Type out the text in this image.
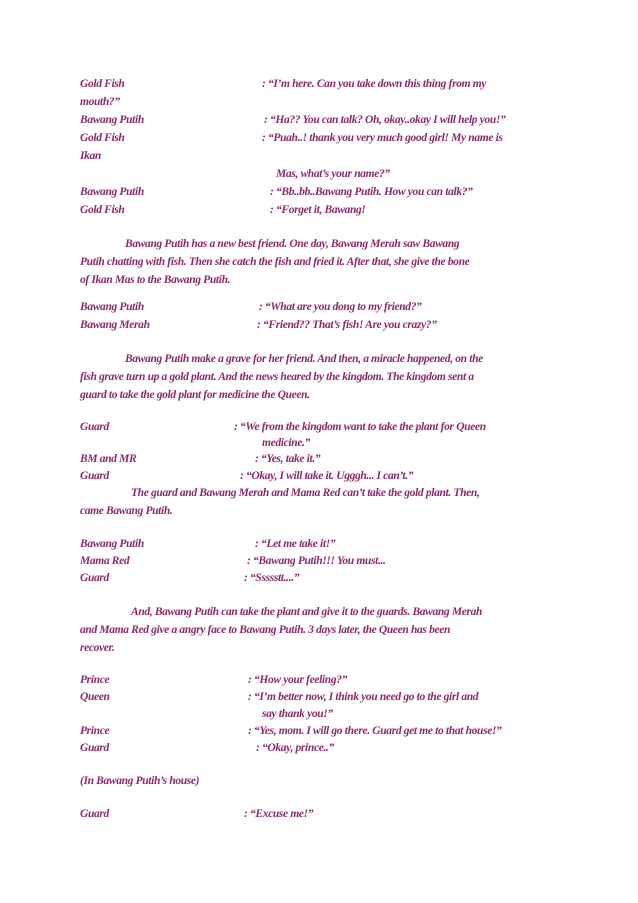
Gold Fish	: “I’m here. Can you take down this thing from my
mouth?”
Bawang Putih	: “Ha?? You can talk? Oh, okay..okay I will help you!”
Gold Fish	: “Puah..! thank you very much good girl! My name is
Ikan
Mas, what’s your name?”
Bawang Putih	: “Bb..bb..Bawang Putih. How you can talk?”
Gold Fish	: “Forget it, Bawang!
Bawang Putih has a new best friend. One day, Bawang Merah saw Bawang
Putih chatting with fish. Then she catch the fish and fried it. After that, she give the bone
of Ikan Mas to the Bawang Putih.
Bawang Putih	: “What are you dong to my friend?”
Bawang Merah	: “Friend?? That’s fish! Are you crazy?”
Bawang Putih make a grave for her friend. And then, a miracle happened, on the
fish grave turn up a gold plant. And the news heared by the kingdom. The kingdom sent a
guard to take the gold plant for medicine the Queen.
Guard	: “We from the kingdom want to take the plant for Queen
medicine.”
BM and MR	: “Yes, take it.”
Guard	: “Okay, I will take it. Ugggh... I can’t.”
The guard and Bawang Merah and Mama Red can’t take the gold plant. Then,
came Bawang Putih.
Bawang Putih	: “Let me take it!”
Mama Red	: “Bawang Putih!!! You must...
Guard	: “Ssssstt....”
And, Bawang Putih can take the plant and give it to the guards. Bawang Merah
and Mama Red give a angry face to Bawang Putih. 3 days later, the Queen has been
recover.
Prince	: “How your feeling?”
Queen	: “I’m better now, I think you need go to the girl and
say thank you!”
Prince	: “Yes, mom. I will go there. Guard get me to that house!”
Guard	: “Okay, prince..”
(In Bawang Putih’s house)
Guard	: “Excuse me!”
